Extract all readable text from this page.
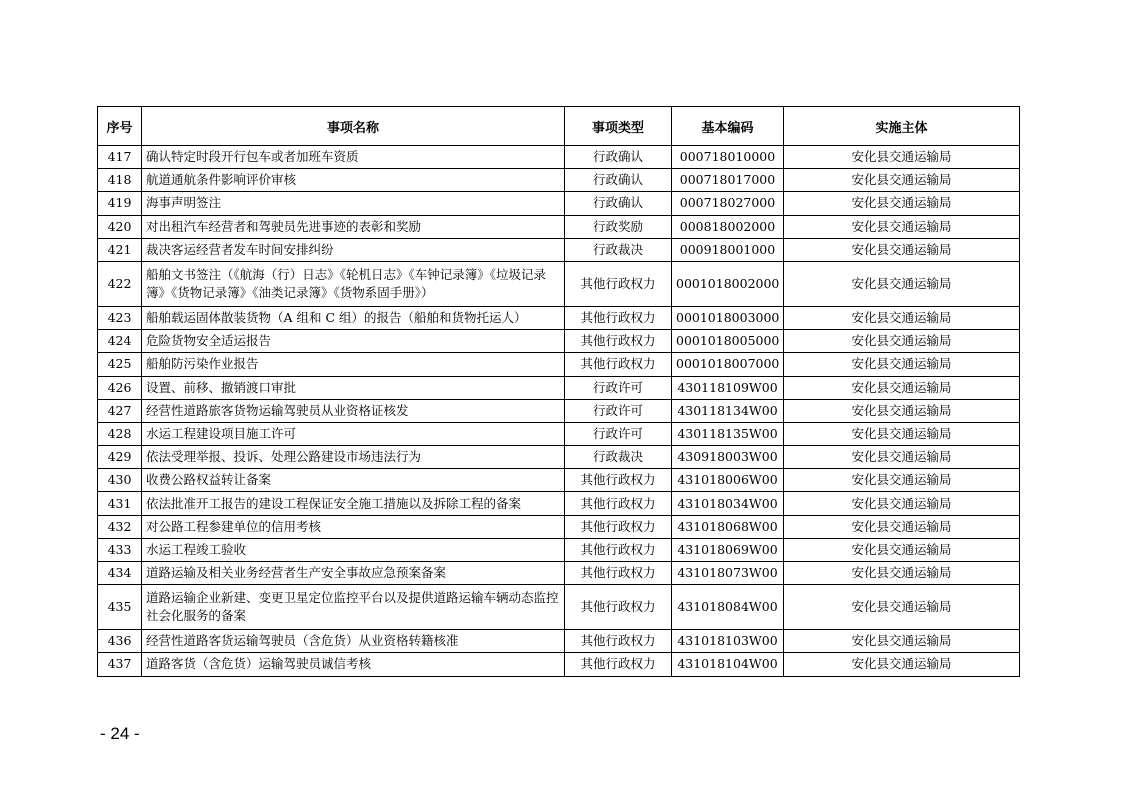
序号	事项名称	事项类型	基本编码	实施主体
417	确认特定时段开行包车或者加班车资质	行政确认	000718010000	安化县交通运输局
418	航道通航条件影响评价审核	行政确认	000718017000	安化县交通运输局
419	海事声明签注	行政确认	000718027000	安化县交通运输局
420	对出租汽车经营者和驾驶员先进事迹的表彰和奖励	行政奖励	000818002000	安化县交通运输局
421	裁决客运经营者发车时间安排纠纷	行政裁决	000918001000	安化县交通运输局
422	船舶文书签注（《航海（行）日志》《轮机日志》《车钟记录簿》《垃圾记录簿》《货物记录簿》《油类记录簿》《货物系固手册》）	其他行政权力	0001018002000	安化县交通运输局
423	船舶载运固体散装货物（A 组和 C 组）的报告（船舶和货物托运人）	其他行政权力	0001018003000	安化县交通运输局
424	危险货物安全适运报告	其他行政权力	0001018005000	安化县交通运输局
425	船舶防污染作业报告	其他行政权力	0001018007000	安化县交通运输局
426	设置、前移、撤销渡口审批	行政许可	430118109W00	安化县交通运输局
427	经营性道路旅客货物运输驾驶员从业资格证核发	行政许可	430118134W00	安化县交通运输局
428	水运工程建设项目施工许可	行政许可	430118135W00	安化县交通运输局
429	依法受理举报、投诉、处理公路建设市场违法行为	行政裁决	430918003W00	安化县交通运输局
430	收费公路权益转让备案	其他行政权力	431018006W00	安化县交通运输局
431	依法批准开工报告的建设工程保证安全施工措施以及拆除工程的备案	其他行政权力	431018034W00	安化县交通运输局
432	对公路工程参建单位的信用考核	其他行政权力	431018068W00	安化县交通运输局
433	水运工程竣工验收	其他行政权力	431018069W00	安化县交通运输局
434	道路运输及相关业务经营者生产安全事故应急预案备案	其他行政权力	431018073W00	安化县交通运输局
435	道路运输企业新建、变更卫星定位监控平台以及提供道路运输车辆动态监控社会化服务的备案	其他行政权力	431018084W00	安化县交通运输局
436	经营性道路客货运输驾驶员（含危货）从业资格转籍核准	其他行政权力	431018103W00	安化县交通运输局
437	道路客货（含危货）运输驾驶员诚信考核	其他行政权力	431018104W00	安化县交通运输局
- 24 -
